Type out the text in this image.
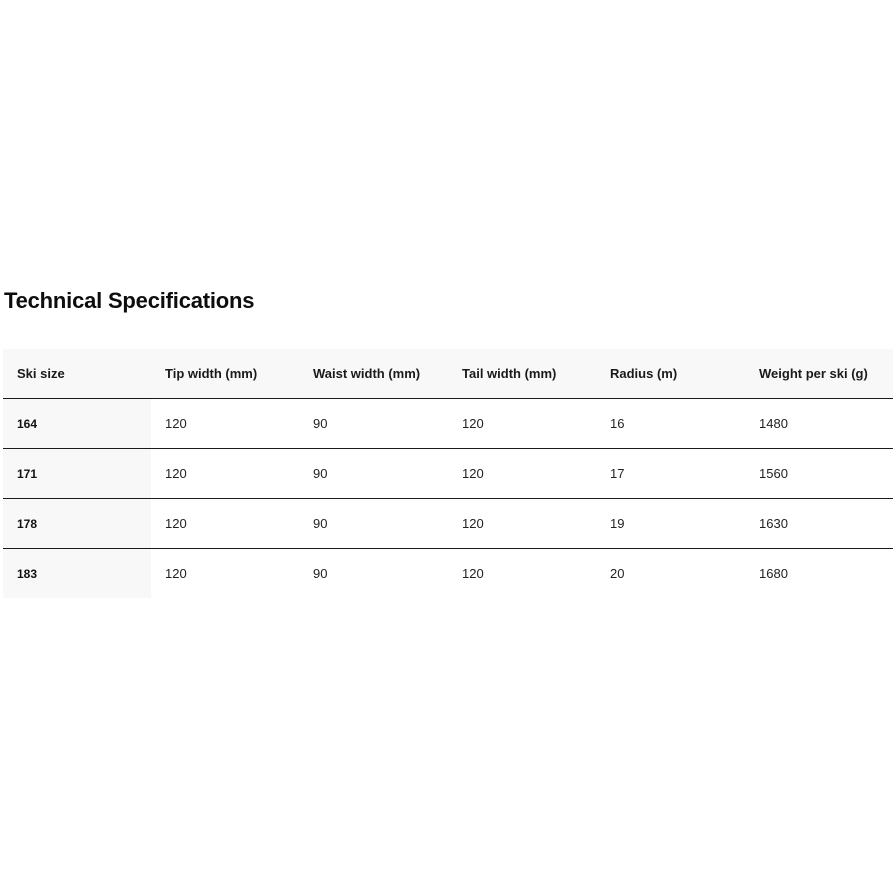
Technical Specifications
Ski size	Tip width (mm)	Waist width (mm)	Tail width (mm)	Radius (m)	Weight per ski (g)
164	120	90	120	16	1480
171	120	90	120	17	1560
178	120	90	120	19	1630
183	120	90	120	20	1680
